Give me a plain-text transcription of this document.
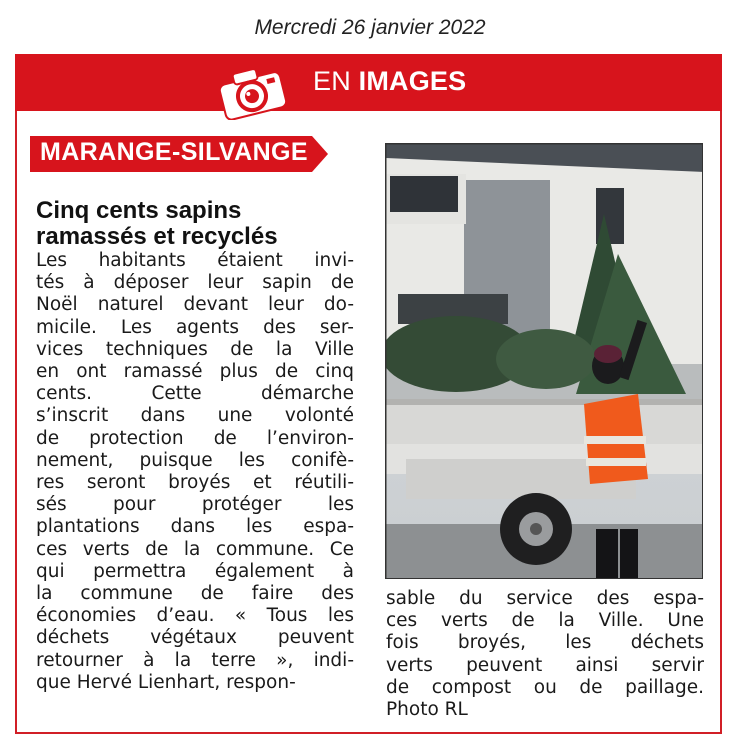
Mercredi 26 janvier 2022
EN IMAGES
MARANGE-SILVANGE
Cinq cents sapins
ramassés et recyclés
Les habitants étaient invi-
tés à déposer leur sapin de
Noël naturel devant leur do-
micile. Les agents des ser-
vices techniques de la Ville
en ont ramassé plus de cinq
cents. Cette démarche
s’inscrit dans une volonté
de protection de l’environ-
nement, puisque les conifè-
res seront broyés et réutili-
sés pour protéger les
plantations dans les espa-
ces verts de la commune. Ce
qui permettra également à
la commune de faire des
économies d’eau. « Tous les
déchets végétaux peuvent
retourner à la terre », indi-
que Hervé Lienhart, respon-
sable du service des espa-
ces verts de la Ville. Une
fois broyés, les déchets
verts peuvent ainsi servir
de compost ou de paillage.
Photo RL
